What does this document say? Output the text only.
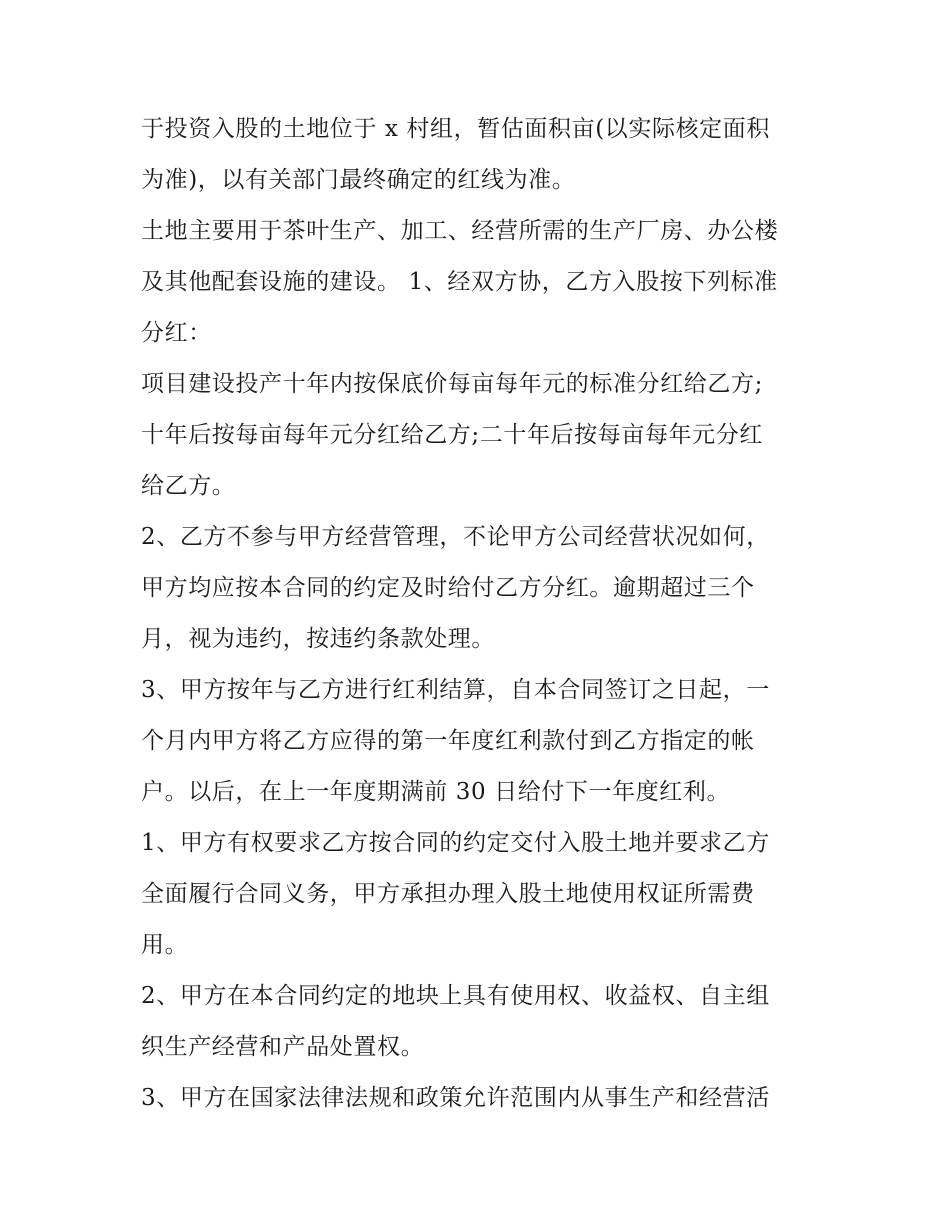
于投资入股的土地位于 x 村组，暂估面积亩(以实际核定面积
为准)，以有关部门最终确定的红线为准。
土地主要用于茶叶生产、加工、经营所需的生产厂房、办公楼
及其他配套设施的建设。 1、经双方协，乙方入股按下列标准
分红：
项目建设投产十年内按保底价每亩每年元的标准分红给乙方;
十年后按每亩每年元分红给乙方;二十年后按每亩每年元分红
给乙方。
2、乙方不参与甲方经营管理，不论甲方公司经营状况如何，
甲方均应按本合同的约定及时给付乙方分红。逾期超过三个
月，视为违约，按违约条款处理。
3、甲方按年与乙方进行红利结算，自本合同签订之日起，一
个月内甲方将乙方应得的第一年度红利款付到乙方指定的帐
户。以后，在上一年度期满前 30 日给付下一年度红利。
1、甲方有权要求乙方按合同的约定交付入股土地并要求乙方
全面履行合同义务，甲方承担办理入股土地使用权证所需费
用。
2、甲方在本合同约定的地块上具有使用权、收益权、自主组
织生产经营和产品处置权。
3、甲方在国家法律法规和政策允许范围内从事生产和经营活
